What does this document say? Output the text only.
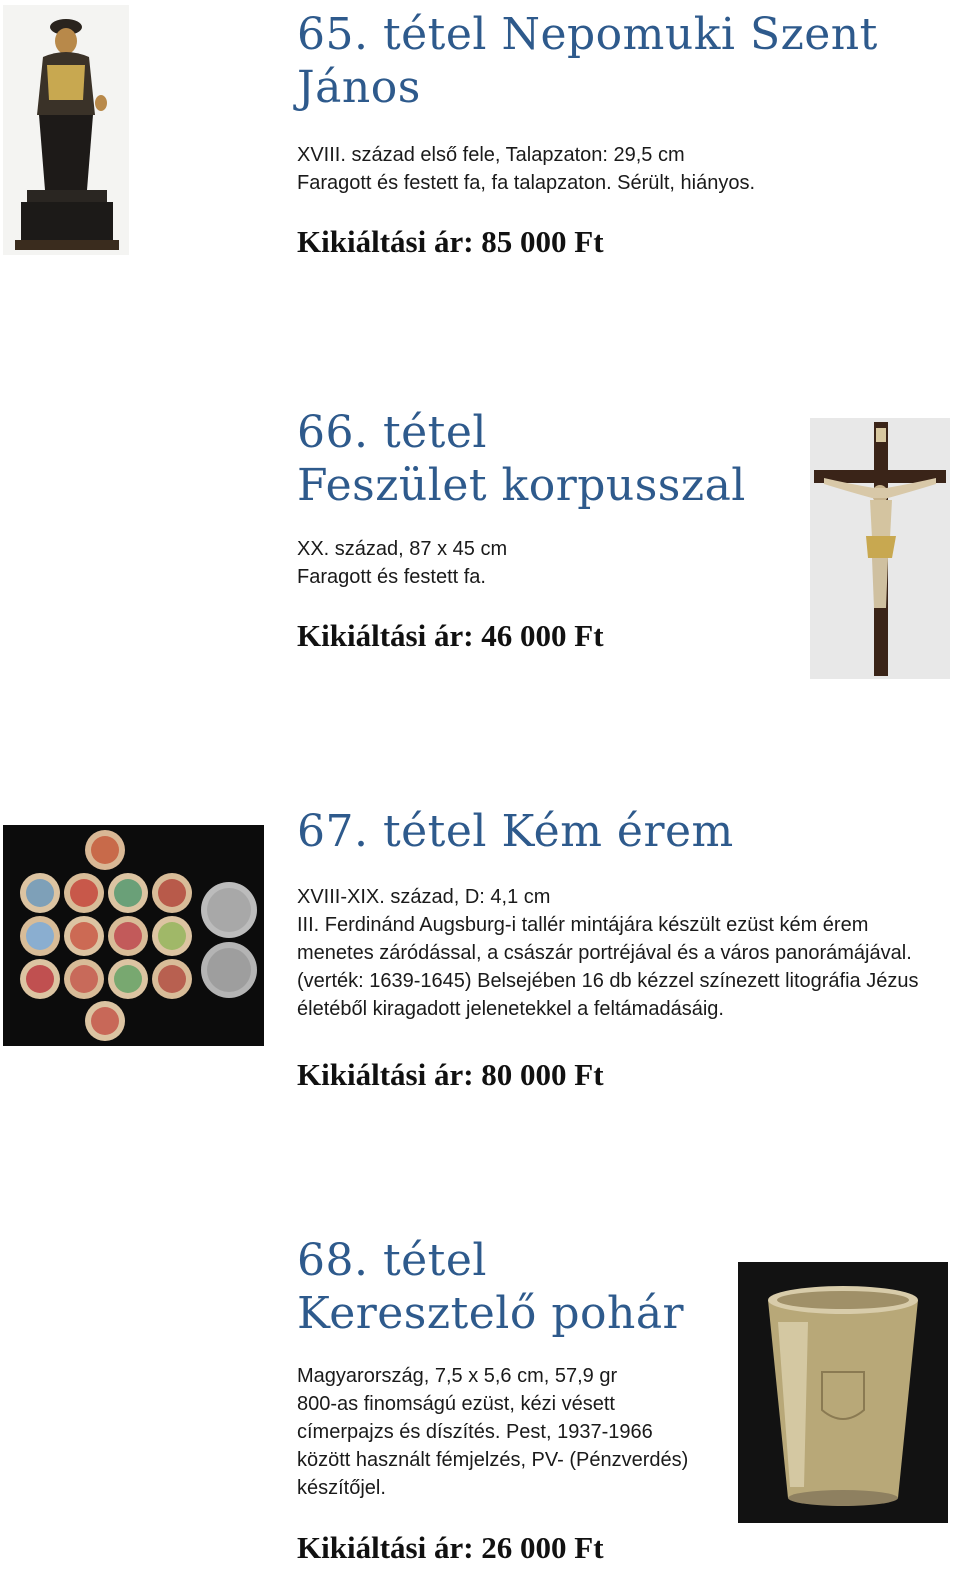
65. tétel Nepomuki Szent
János

XVIII. század első fele, Talapzaton: 29,5 cm
Faragott és festett fa, fa talapzaton. Sérült, hiányos.

Kikiáltási ár: 85 000 Ft

66. tétel
Feszület korpusszal

XX. század, 87 x 45 cm
Faragott és festett fa.

Kikiáltási ár: 46 000 Ft

67. tétel Kém érem

XVIII-XIX. század, D: 4,1 cm
III. Ferdinánd Augsburg-i tallér mintájára készült ezüst kém érem
menetes záródással, a császár portréjával és a város panorámájával.
(verték: 1639-1645) Belsejében 16 db kézzel színezett litográfia Jézus
életéből kiragadott jelenetekkel a feltámadásáig.

Kikiáltási ár: 80 000 Ft

68. tétel
Keresztelő pohár

Magyarország, 7,5 x 5,6 cm, 57,9 gr
800-as finomságú ezüst, kézi vésett
címerpajzs és díszítés. Pest, 1937-1966
között használt fémjelzés, PV- (Pénzverdés)
készítőjel.

Kikiáltási ár: 26 000 Ft
